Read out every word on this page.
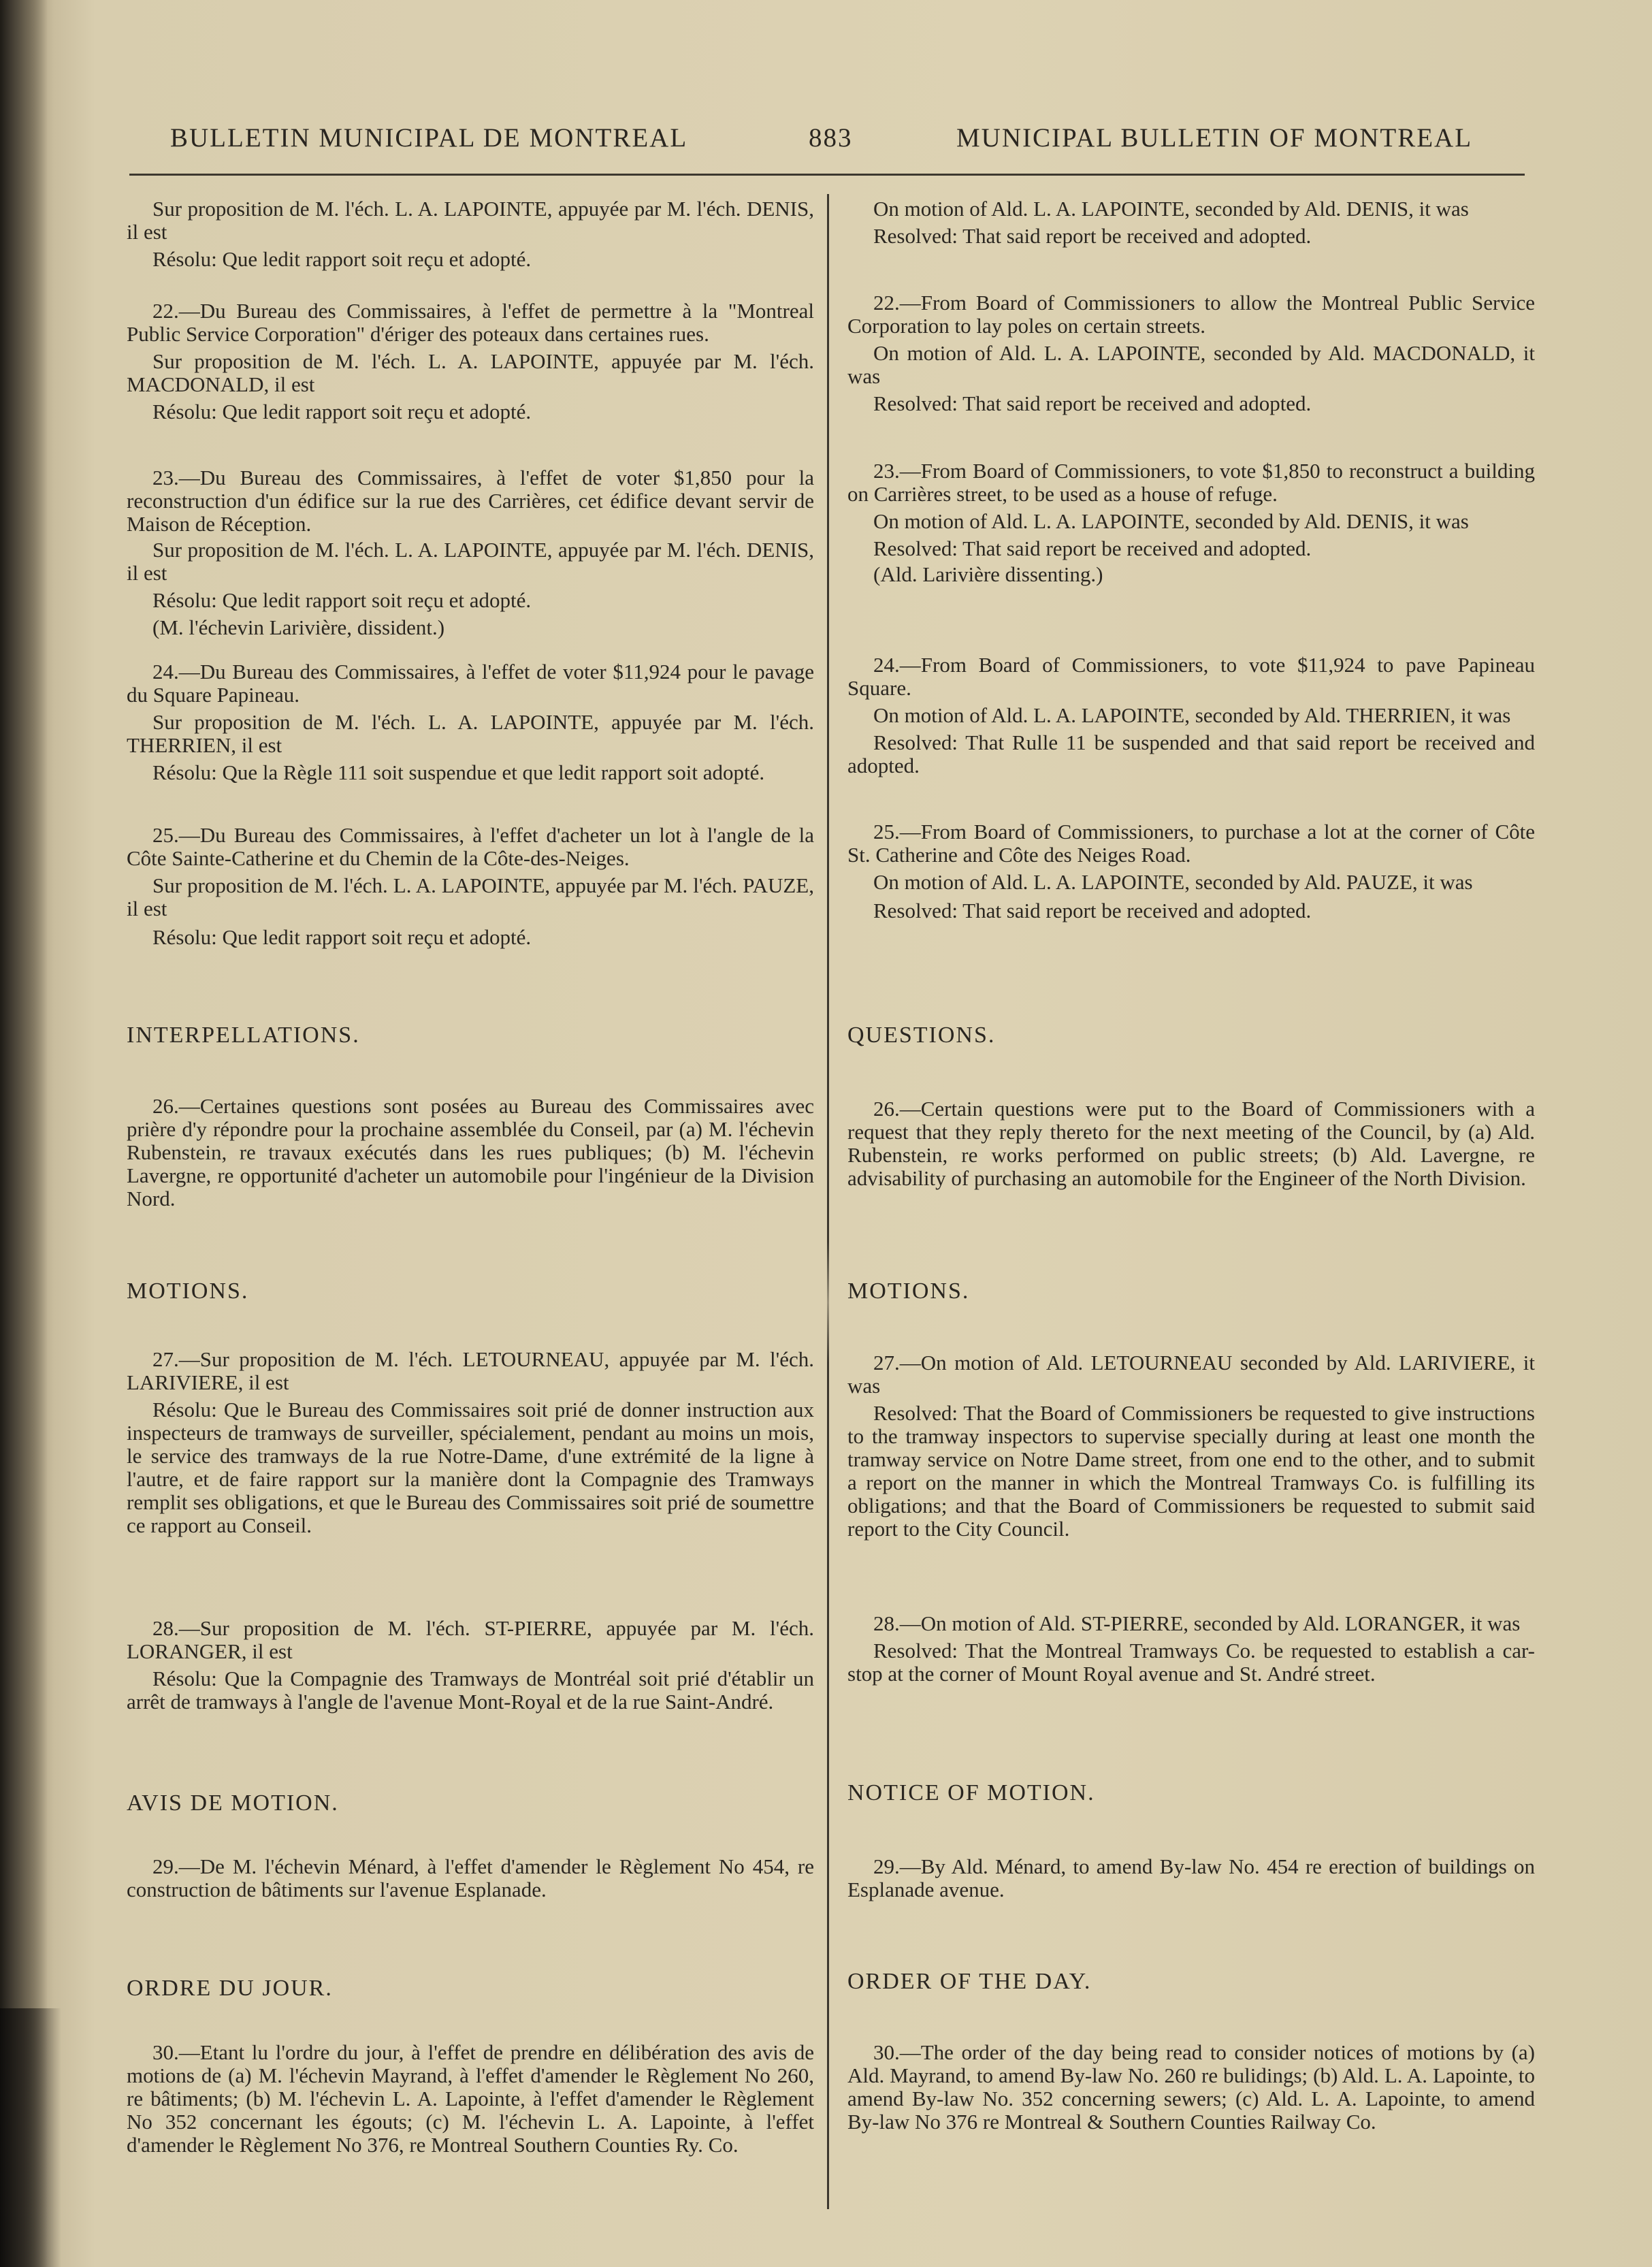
BULLETIN MUNICIPAL DE MONTREAL	883	MUNICIPAL BULLETIN OF MONTREAL

Sur proposition de M. l'éch. L. A. LAPOINTE, appuyée par M. l'éch. DENIS, il est

Résolu: Que ledit rapport soit reçu et adopté.

22.—Du Bureau des Commissaires, à l'effet de permettre à la "Montreal Public Service Corporation" d'ériger des poteaux dans certaines rues.

Sur proposition de M. l'éch. L. A. LAPOINTE, appuyée par M. l'éch. MACDONALD, il est

Résolu: Que ledit rapport soit reçu et adopté.

23.—Du Bureau des Commissaires, à l'effet de voter $1,850 pour la reconstruction d'un édifice sur la rue des Carrières, cet édifice devant servir de Maison de Réception.

Sur proposition de M. l'éch. L. A. LAPOINTE, appuyée par M. l'éch. DENIS, il est

Résolu: Que ledit rapport soit reçu et adopté.

(M. l'échevin Larivière, dissident.)

24.—Du Bureau des Commissaires, à l'effet de voter $11,924 pour le pavage du Square Papineau.

Sur proposition de M. l'éch. L. A. LAPOINTE, appuyée par M. l'éch. THERRIEN, il est

Résolu: Que la Règle 111 soit suspendue et que ledit rapport soit adopté.

25.—Du Bureau des Commissaires, à l'effet d'acheter un lot à l'angle de la Côte Sainte-Catherine et du Chemin de la Côte-des-Neiges.

Sur proposition de M. l'éch. L. A. LAPOINTE, appuyée par M. l'éch. PAUZE, il est

Résolu: Que ledit rapport soit reçu et adopté.

INTERPELLATIONS.

26.—Certaines questions sont posées au Bureau des Commissaires avec prière d'y répondre pour la prochaine assemblée du Conseil, par (a) M. l'échevin Rubenstein, re travaux exécutés dans les rues publiques; (b) M. l'échevin Lavergne, re opportunité d'acheter un automobile pour l'ingénieur de la Division Nord.

MOTIONS.

27.—Sur proposition de M. l'éch. LETOURNEAU, appuyée par M. l'éch. LARIVIERE, il est

Résolu: Que le Bureau des Commissaires soit prié de donner instruction aux inspecteurs de tramways de surveiller, spécialement, pendant au moins un mois, le service des tramways de la rue Notre-Dame, d'une extrémité de la ligne à l'autre, et de faire rapport sur la manière dont la Compagnie des Tramways remplit ses obligations, et que le Bureau des Commissaires soit prié de soumettre ce rapport au Conseil.

28.—Sur proposition de M. l'éch. ST-PIERRE, appuyée par M. l'éch. LORANGER, il est

Résolu: Que la Compagnie des Tramways de Montréal soit prié d'établir un arrêt de tramways à l'angle de l'avenue Mont-Royal et de la rue Saint-André.

AVIS DE MOTION.

29.—De M. l'échevin Ménard, à l'effet d'amender le Règlement No 454, re construction de bâtiments sur l'avenue Esplanade.

ORDRE DU JOUR.

30.—Etant lu l'ordre du jour, à l'effet de prendre en délibération des avis de motions de (a) M. l'échevin Mayrand, à l'effet d'amender le Règlement No 260, re bâtiments; (b) M. l'échevin L. A. Lapointe, à l'effet d'amender le Règlement No 352 concernant les égouts; (c) M. l'échevin L. A. Lapointe, à l'effet d'amender le Règlement No 376, re Montreal Southern Counties Ry. Co.

On motion of Ald. L. A. LAPOINTE, seconded by Ald. DENIS, it was

Resolved: That said report be received and adopted.

22.—From Board of Commissioners to allow the Montreal Public Service Corporation to lay poles on certain streets.

On motion of Ald. L. A. LAPOINTE, seconded by Ald. MACDONALD, it was

Resolved: That said report be received and adopted.

23.—From Board of Commissioners, to vote $1,850 to reconstruct a building on Carrières street, to be used as a house of refuge.

On motion of Ald. L. A. LAPOINTE, seconded by Ald. DENIS, it was

Resolved: That said report be received and adopted.

(Ald. Larivière dissenting.)

24.—From Board of Commissioners, to vote $11,924 to pave Papineau Square.

On motion of Ald. L. A. LAPOINTE, seconded by Ald. THERRIEN, it was

Resolved: That Rulle 11 be suspended and that said report be received and adopted.

25.—From Board of Commissioners, to purchase a lot at the corner of Côte St. Catherine and Côte des Neiges Road.

On motion of Ald. L. A. LAPOINTE, seconded by Ald. PAUZE, it was

Resolved: That said report be received and adopted.

QUESTIONS.

26.—Certain questions were put to the Board of Commissioners with a request that they reply thereto for the next meeting of the Council, by (a) Ald. Rubenstein, re works performed on public streets; (b) Ald. Lavergne, re advisability of purchasing an automobile for the Engineer of the North Division.

MOTIONS.

27.—On motion of Ald. LETOURNEAU seconded by Ald. LARIVIERE, it was

Resolved: That the Board of Commissioners be requested to give instructions to the tramway inspectors to supervise specially during at least one month the tramway service on Notre Dame street, from one end to the other, and to submit a report on the manner in which the Montreal Tramways Co. is fulfilling its obligations; and that the Board of Commissioners be requested to submit said report to the City Council.

28.—On motion of Ald. ST-PIERRE, seconded by Ald. LORANGER, it was

Resolved: That the Montreal Tramways Co. be requested to establish a car-stop at the corner of Mount Royal avenue and St. André street.

NOTICE OF MOTION.

29.—By Ald. Ménard, to amend By-law No. 454 re erection of buildings on Esplanade avenue.

ORDER OF THE DAY.

30.—The order of the day being read to consider notices of motions by (a) Ald. Mayrand, to amend By-law No. 260 re bulidings; (b) Ald. L. A. Lapointe, to amend By-law No. 352 concerning sewers; (c) Ald. L. A. Lapointe, to amend By-law No 376 re Montreal & Southern Counties Railway Co.
